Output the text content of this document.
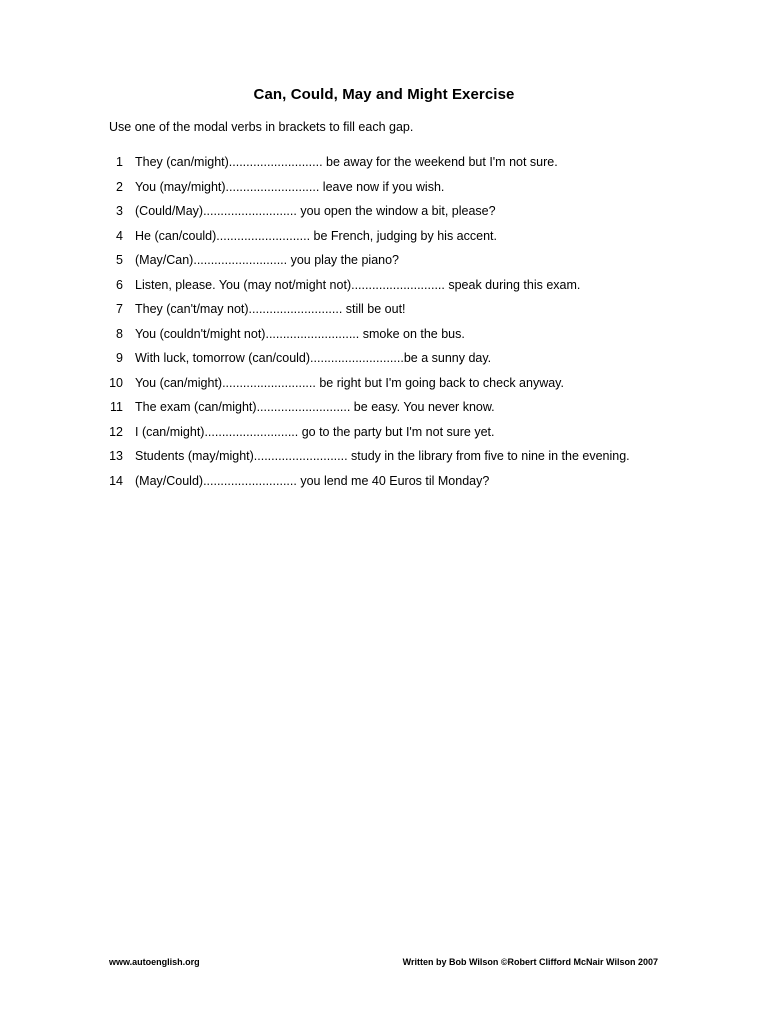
Can, Could, May and Might Exercise
Use one of the modal verbs in brackets to fill each gap.
1 They (can/might)........................... be away for the weekend but I'm not sure.
2 You (may/might)........................... leave now if you wish.
3 (Could/May)........................... you open the window a bit, please?
4 He (can/could)........................... be French, judging by his accent.
5 (May/Can)........................... you play the piano?
6 Listen, please. You (may not/might not)........................... speak during this exam.
7 They (can't/may not)........................... still be out!
8 You (couldn't/might not)........................... smoke on the bus.
9 With luck, tomorrow (can/could)...........................be a sunny day.
10 You (can/might)........................... be right but I'm going back to check anyway.
11 The exam (can/might)........................... be easy. You never know.
12 I (can/might)........................... go to the party but I'm not sure yet.
13 Students (may/might)........................... study in the library from five to nine in the evening.
14 (May/Could)........................... you lend me 40 Euros til Monday?
www.autoenglish.org	Written by Bob Wilson ©Robert Clifford McNair Wilson 2007
